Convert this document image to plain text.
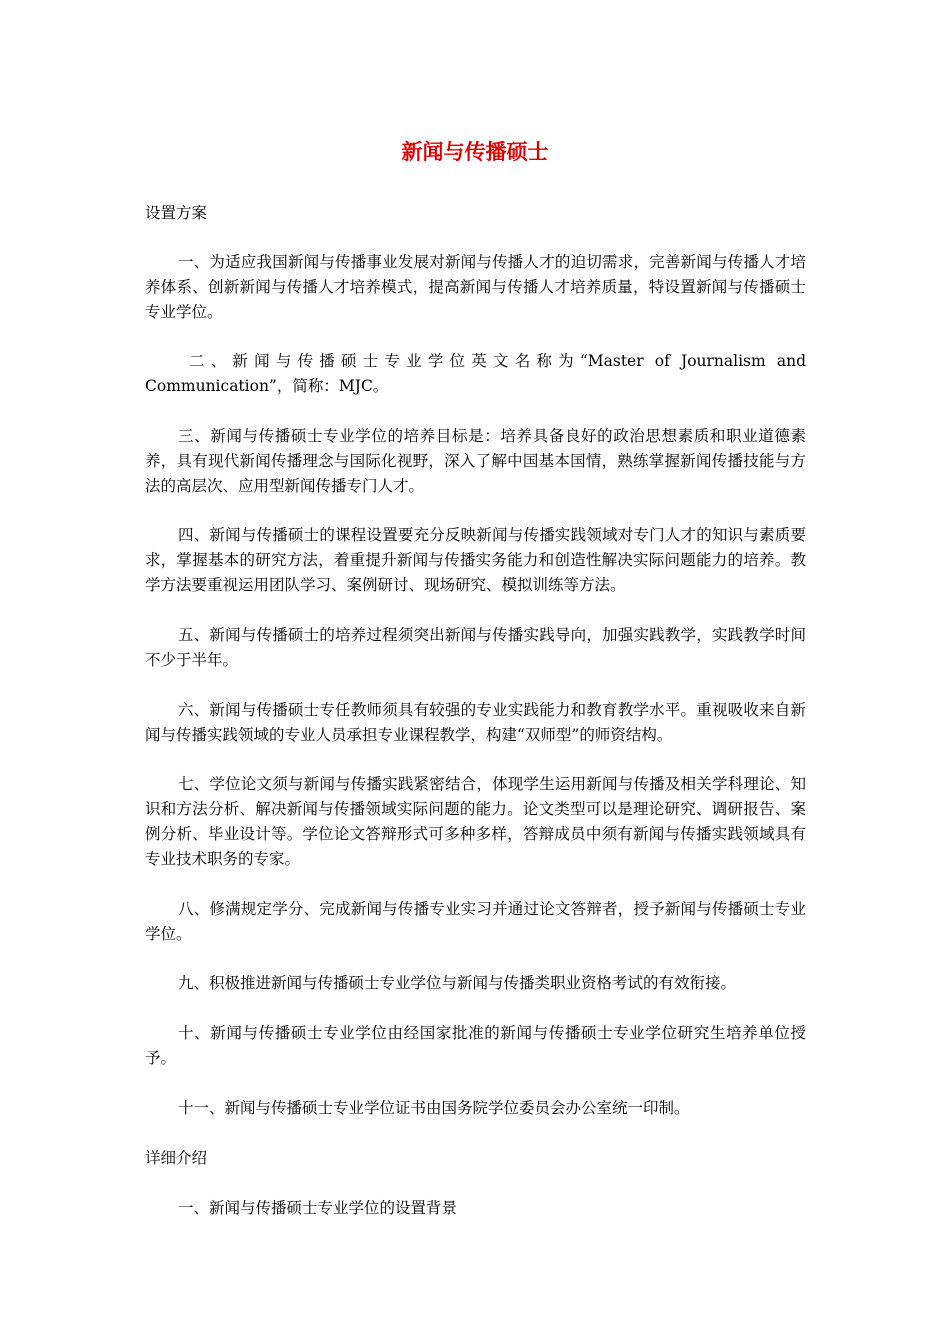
新闻与传播硕士

设置方案

一、为适应我国新闻与传播事业发展对新闻与传播人才的迫切需求，完善新闻与传播人才培养体系、创新新闻与传播人才培养模式，提高新闻与传播人才培养质量，特设置新闻与传播硕士专业学位。

二、新闻与传播硕士专业学位英文名称为“Master of Journalism and Communication”，简称：MJC。

三、新闻与传播硕士专业学位的培养目标是：培养具备良好的政治思想素质和职业道德素养，具有现代新闻传播理念与国际化视野，深入了解中国基本国情，熟练掌握新闻传播技能与方法的高层次、应用型新闻传播专门人才。

四、新闻与传播硕士的课程设置要充分反映新闻与传播实践领域对专门人才的知识与素质要求，掌握基本的研究方法，着重提升新闻与传播实务能力和创造性解决实际问题能力的培养。教学方法要重视运用团队学习、案例研讨、现场研究、模拟训练等方法。

五、新闻与传播硕士的培养过程须突出新闻与传播实践导向，加强实践教学，实践教学时间不少于半年。

六、新闻与传播硕士专任教师须具有较强的专业实践能力和教育教学水平。重视吸收来自新闻与传播实践领域的专业人员承担专业课程教学，构建“双师型”的师资结构。

七、学位论文须与新闻与传播实践紧密结合，体现学生运用新闻与传播及相关学科理论、知识和方法分析、解决新闻与传播领域实际问题的能力。论文类型可以是理论研究、调研报告、案例分析、毕业设计等。学位论文答辩形式可多种多样，答辩成员中须有新闻与传播实践领域具有专业技术职务的专家。

八、修满规定学分、完成新闻与传播专业实习并通过论文答辩者，授予新闻与传播硕士专业学位。

九、积极推进新闻与传播硕士专业学位与新闻与传播类职业资格考试的有效衔接。

十、新闻与传播硕士专业学位由经国家批准的新闻与传播硕士专业学位研究生培养单位授予。

十一、新闻与传播硕士专业学位证书由国务院学位委员会办公室统一印制。

详细介绍

一、新闻与传播硕士专业学位的设置背景
